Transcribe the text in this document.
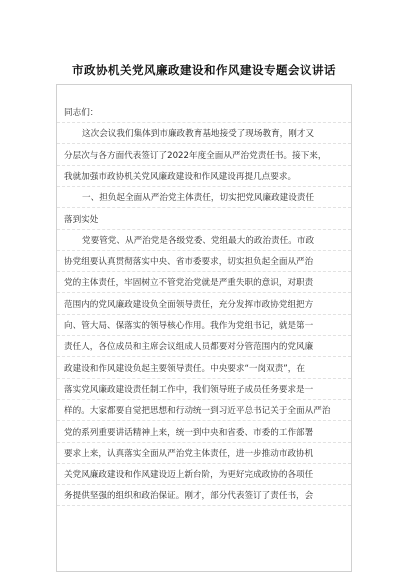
市政协机关党风廉政建设和作风建设专题会议讲话
同志们：
这次会议我们集体到市廉政教育基地接受了现场教育，刚才又
分层次与各方面代表签订了2022年度全面从严治党责任书。接下来，
我就加强市政协机关党风廉政建设和作风建设再提几点要求。
一、担负起全面从严治党主体责任，切实把党风廉政建设责任
落到实处
党要管党、从严治党是各级党委、党组最大的政治责任。市政
协党组要认真贯彻落实中央、省市委要求，切实担负起全面从严治
党的主体责任，牢固树立不管党治党就是严重失职的意识，对职责
范围内的党风廉政建设负全面领导责任，充分发挥市政协党组把方
向、管大局、保落实的领导核心作用。我作为党组书记，就是第一
责任人，各位成员和主席会议组成人员都要对分管范围内的党风廉
政建设和作风建设负起主要领导责任。中央要求“一岗双责”，在
落实党风廉政建设责任制工作中，我们领导班子成员任务要求是一
样的。大家都要自觉把思想和行动统一到习近平总书记关于全面从严治
党的系列重要讲话精神上来，统一到中央和省委、市委的工作部署
要求上来，认真落实全面从严治党主体责任，进一步推动市政协机
关党风廉政建设和作风建设迈上新台阶，为更好完成政协的各项任
务提供坚强的组织和政治保证。刚才，部分代表签订了责任书，会
